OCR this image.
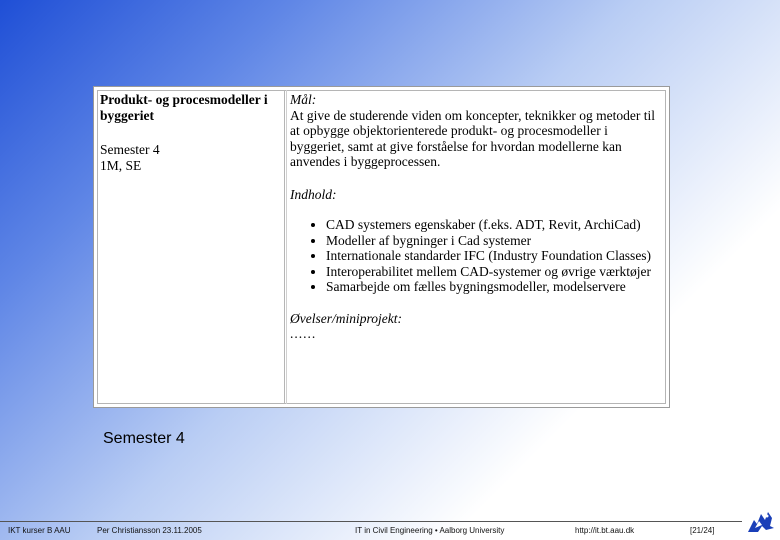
Produkt- og procesmodeller i byggeriet
Semester 4
1M, SE
Mål:

At give de studerende viden om koncepter, teknikker og metoder til at opbygge objektorienterede produkt- og procesmodeller i byggeriet, samt at give forståelse for hvordan modellerne kan anvendes i byggeprocessen.

Indhold:
• CAD systemers egenskaber (f.eks. ADT, Revit, ArchiCad)
• Modeller af bygninger i Cad systemer
• Internationale standarder IFC (Industry Foundation Classes)
• Interoperabilitet mellem CAD-systemer og øvrige værktøjer
• Samarbejde om fælles bygningsmodeller, modelservere
Øvelser/miniprojekt:
......
Semester 4
IKT kurser B AAU	Per Christiansson 23.11.2005	IT in Civil Engineering • Aalborg University	http://it.bt.aau.dk	[21/24]
